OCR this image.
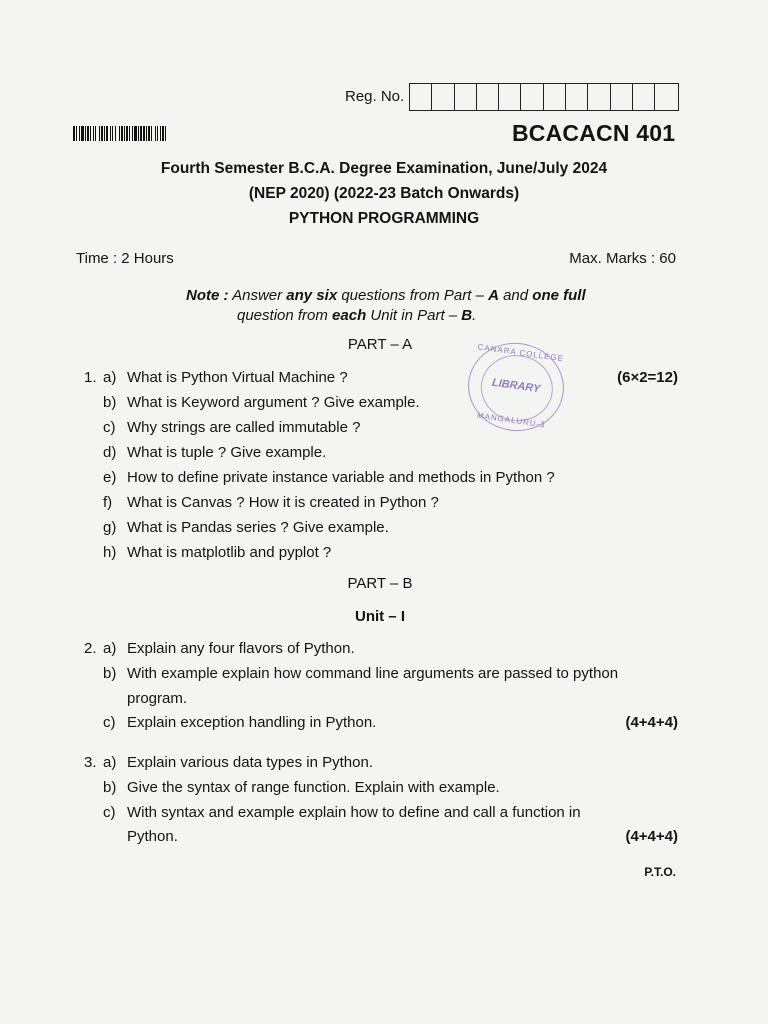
Reg. No.
BCACACN 401
Fourth Semester B.C.A. Degree Examination, June/July 2024
(NEP 2020) (2022-23 Batch Onwards)
PYTHON PROGRAMMING
Time : 2 Hours	Max. Marks : 60
Note : Answer any six questions from Part – A and one full
question from each Unit in Part – B.
PART – A	CANARA COLLEGE
LIBRARY
MANGALURU-3
1.	(6×2=12)
a) What is Python Virtual Machine ?
b) What is Keyword argument ? Give example.
c) Why strings are called immutable ?
d) What is tuple ? Give example.
e) How to define private instance variable and methods in Python ?
f) What is Canvas ? How it is created in Python ?
g) What is Pandas series ? Give example.
h) What is matplotlib and pyplot ?
PART – B
Unit – I
2. a) Explain any four flavors of Python.
b) With example explain how command line arguments are passed to python
program.
c) Explain exception handling in Python.	(4+4+4)
3. a) Explain various data types in Python.
b) Give the syntax of range function. Explain with example.
c) With syntax and example explain how to define and call a function in
Python.	(4+4+4)
P.T.O.
